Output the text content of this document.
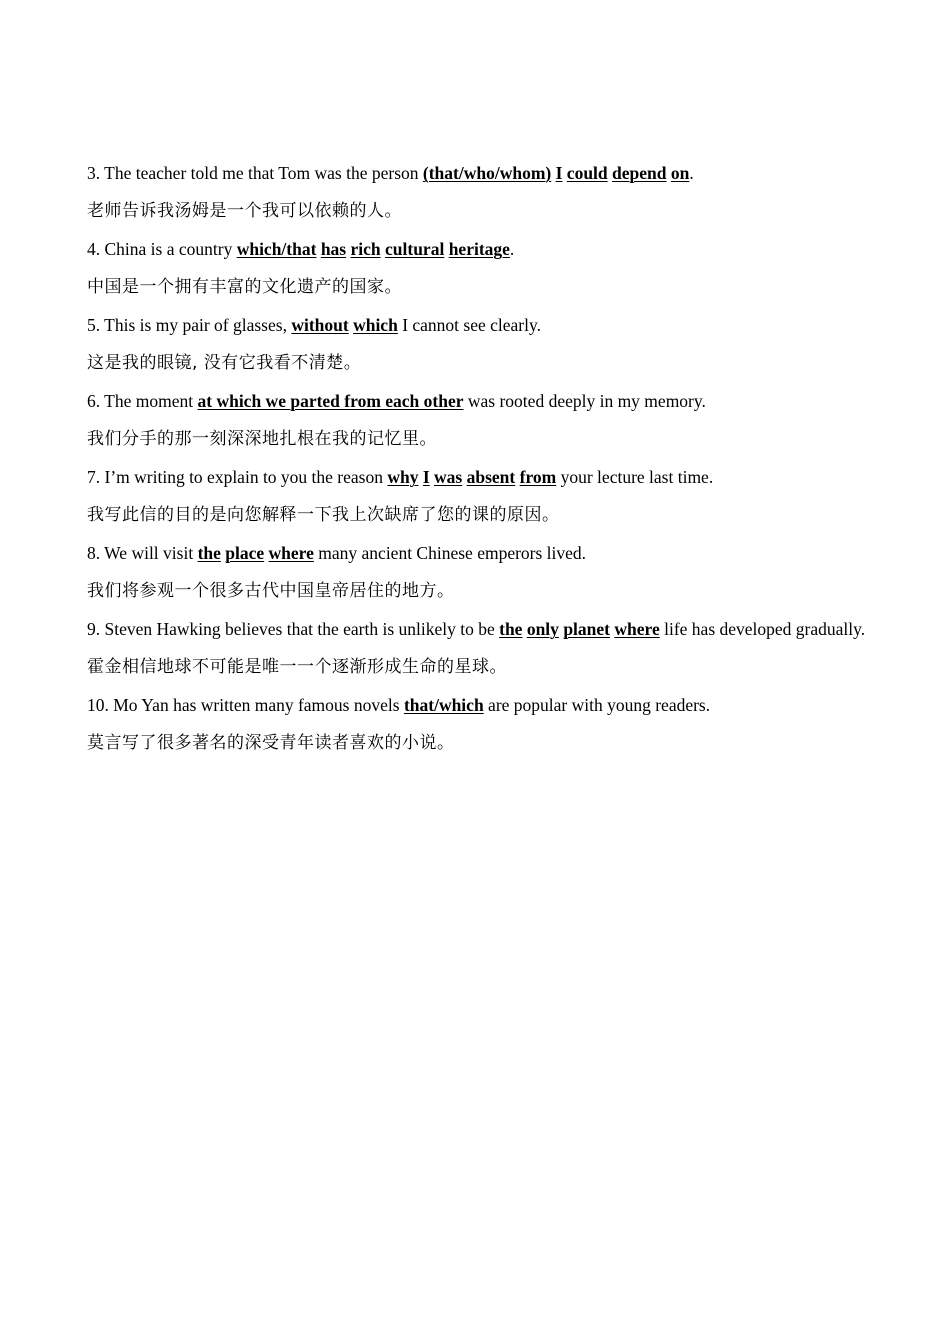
3. The teacher told me that Tom was the person (that/who/whom) I could depend on.
老师告诉我汤姆是一个我可以依赖的人。
4. China is a country which/that has rich cultural heritage.
中国是一个拥有丰富的文化遗产的国家。
5. This is my pair of glasses, without which I cannot see clearly.
这是我的眼镜, 没有它我看不清楚。
6. The moment at which we parted from each other was rooted deeply in my memory.
我们分手的那一刻深深地扎根在我的记忆里。
7. I’m writing to explain to you the reason why I was absent from your lecture last time.
我写此信的目的是向您解释一下我上次缺席了您的课的原因。
8. We will visit the place where many ancient Chinese emperors lived.
我们将参观一个很多古代中国皇帝居住的地方。
9. Steven Hawking believes that the earth is unlikely to be the only planet where life has developed gradually.
霍金相信地球不可能是唯一一个逐渐形成生命的星球。
10. Mo Yan has written many famous novels that/which are popular with young readers.
莫言写了很多著名的深受青年读者喜欢的小说。
